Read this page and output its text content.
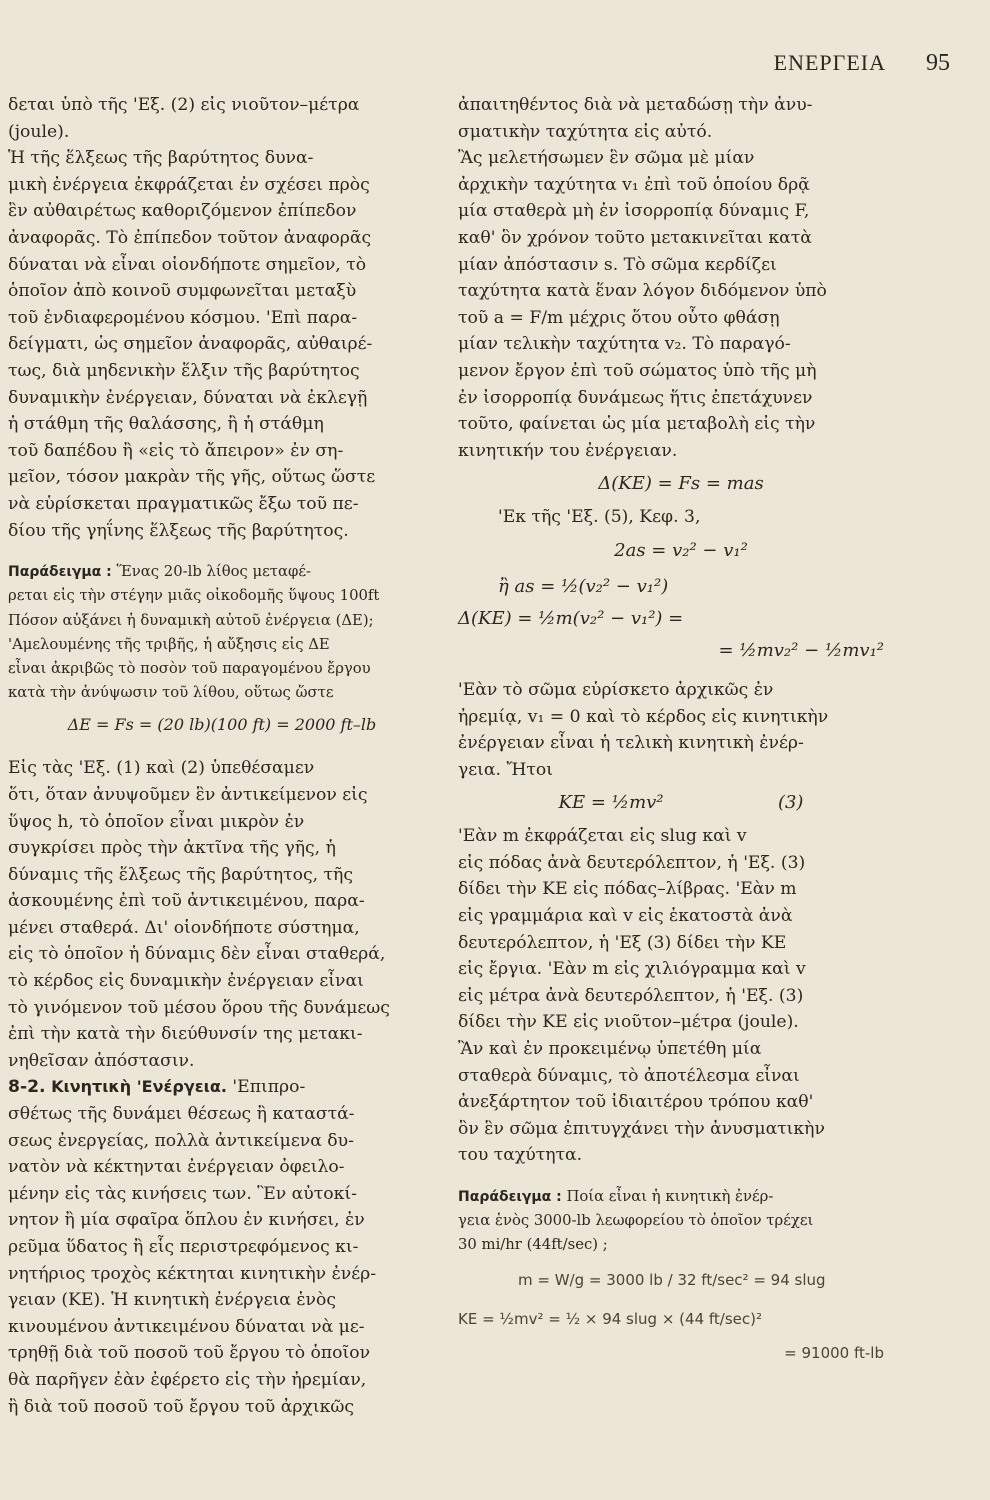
ΕΝΕΡΓΕΙΑ 95

δεται ὑπὸ τῆς 'Εξ. (2) εἰς νιοῦτον–μέτρα
(joule).

Ἡ τῆς ἕλξεως τῆς βαρύτητος δυνα-
μικὴ ἐνέργεια ἐκφράζεται ἐν σχέσει πρὸς
ἓν αὐθαιρέτως καθοριζόμενον ἐπίπεδον
ἀναφορᾶς. Τὸ ἐπίπεδον τοῦτον ἀναφορᾶς
δύναται νὰ εἶναι οἱονδήποτε σημεῖον, τὸ
ὁποῖον ἀπὸ κοινοῦ συμφωνεῖται μεταξὺ
τοῦ ἐνδιαφερομένου κόσμου. 'Επὶ παρα-
δείγματι, ὡς σημεῖον ἀναφορᾶς, αὐθαιρέ-
τως, διὰ μηδενικὴν ἕλξιν τῆς βαρύτητος
δυναμικὴν ἐνέργειαν, δύναται νὰ ἐκλεγῇ
ἡ στάθμη τῆς θαλάσσης, ἢ ἡ στάθμη
τοῦ δαπέδου ἢ «εἰς τὸ ἄπειρον» ἐν ση-
μεῖον, τόσον μακρὰν τῆς γῆς, οὕτως ὥστε
νὰ εὑρίσκεται πραγματικῶς ἔξω τοῦ πε-
δίου τῆς γηΐνης ἕλξεως τῆς βαρύτητος.

Παράδειγμα : Ἕνας 20-lb λίθος μεταφέ-
ρεται εἰς τὴν στέγην μιᾶς οἰκοδομῆς ὕψους 100ft
Πόσον αὐξάνει ἡ δυναμικὴ αὐτοῦ ἐνέργεια (ΔΕ);
'Αμελουμένης τῆς τριβῆς, ἡ αὔξησις εἰς ΔΕ
εἶναι ἀκριβῶς τὸ ποσὸν τοῦ παραγομένου ἔργου
κατὰ τὴν ἀνύψωσιν τοῦ λίθου, οὕτως ὥστε
ΔΕ = Fs = (20 lb)(100 ft) = 2000 ft–lb

Εἰς τὰς 'Εξ. (1) καὶ (2) ὑπεθέσαμεν
ὅτι, ὅταν ἀνυψοῦμεν ἓν ἀντικείμενον εἰς
ὕψος h, τὸ ὁποῖον εἶναι μικρὸν ἐν
συγκρίσει πρὸς τὴν ἀκτῖνα τῆς γῆς, ἡ
δύναμις τῆς ἕλξεως τῆς βαρύτητος, τῆς
ἀσκουμένης ἐπὶ τοῦ ἀντικειμένου, παρα-
μένει σταθερά. Δι' οἱονδήποτε σύστημα,
εἰς τὸ ὁποῖον ἡ δύναμις δὲν εἶναι σταθερά,
τὸ κέρδος εἰς δυναμικὴν ἐνέργειαν εἶναι
τὸ γινόμενον τοῦ μέσου ὅρου τῆς δυνάμεως
ἐπὶ τὴν κατὰ τὴν διεύθυνσίν της μετακι-
νηθεῖσαν ἀπόστασιν.

8-2. Κινητικὴ 'Ενέργεια. 'Επιπρο-
σθέτως τῆς δυνάμει θέσεως ἢ καταστά-
σεως ἐνεργείας, πολλὰ ἀντικείμενα δυ-
νατὸν νὰ κέκτηνται ἐνέργειαν ὀφειλο-
μένην εἰς τὰς κινήσεις των. Ἓν αὐτοκί-
νητον ἢ μία σφαῖρα ὅπλου ἐν κινήσει, ἐν
ρεῦμα ὕδατος ἢ εἷς περιστρεφόμενος κι-
νητήριος τροχὸς κέκτηται κινητικὴν ἐνέρ-
γειαν (ΚΕ). Ἡ κινητικὴ ἐνέργεια ἑνὸς
κινουμένου ἀντικειμένου δύναται νὰ με-
τρηθῇ διὰ τοῦ ποσοῦ τοῦ ἔργου τὸ ὁποῖον
θὰ παρῆγεν ἐὰν ἐφέρετο εἰς τὴν ἠρεμίαν,
ἢ διὰ τοῦ ποσοῦ τοῦ ἔργου τοῦ ἀρχικῶς

ἀπαιτηθέντος διὰ νὰ μεταδώσῃ τὴν ἀνυ-
σματικὴν ταχύτητα εἰς αὐτό.

Ἂς μελετήσωμεν ἓν σῶμα μὲ μίαν
ἀρχικὴν ταχύτητα v₁ ἐπὶ τοῦ ὁποίου δρᾷ
μία σταθερὰ μὴ ἐν ἰσορροπίᾳ δύναμις F,
καθ' ὃν χρόνον τοῦτο μετακινεῖται κατὰ
μίαν ἀπόστασιν s. Τὸ σῶμα κερδίζει
ταχύτητα κατὰ ἕναν λόγον διδόμενον ὑπὸ
τοῦ a = F/m μέχρις ὅτου οὗτο φθάσῃ
μίαν τελικὴν ταχύτητα v₂. Τὸ παραγό-
μενον ἔργον ἐπὶ τοῦ σώματος ὑπὸ τῆς μὴ
ἐν ἰσορροπίᾳ δυνάμεως ἥτις ἐπετάχυνεν
τοῦτο, φαίνεται ὡς μία μεταβολὴ εἰς τὴν
κινητικήν του ἐνέργειαν.

Δ(ΚΕ) = Fs = mas
'Εκ τῆς 'Εξ. (5), Κεφ. 3,
2as = v₂² − v₁²
ἢ as = ½(v₂² − v₁²)
Δ(ΚΕ) = ½m(v₂² − v₁²) =
= ½mv₂² − ½mv₁²

'Εὰν τὸ σῶμα εὑρίσκετο ἀρχικῶς ἐν
ἠρεμίᾳ, v₁ = 0 καὶ τὸ κέρδος εἰς κινητικὴν
ἐνέργειαν εἶναι ἡ τελικὴ κινητικὴ ἐνέρ-
γεια. Ἤτοι

ΚΕ = ½mv²                    (3)

'Εὰν m ἐκφράζεται εἰς slug καὶ v
εἰς πόδας ἀνὰ δευτερόλεπτον, ἡ 'Εξ. (3)
δίδει τὴν ΚΕ εἰς πόδας–λίβρας. 'Εὰν m
εἰς γραμμάρια καὶ v εἰς ἑκατοστὰ ἀνὰ
δευτερόλεπτον, ἡ 'Εξ (3) δίδει τὴν ΚΕ
εἰς ἔργια. 'Εὰν m εἰς χιλιόγραμμα καὶ v
εἰς μέτρα ἀνὰ δευτερόλεπτον, ἡ 'Εξ. (3)
δίδει τὴν ΚΕ εἰς νιοῦτον–μέτρα (joule).

Ἂν καὶ ἐν προκειμένῳ ὑπετέθη μία
σταθερὰ δύναμις, τὸ ἀποτέλεσμα εἶναι
ἀνεξάρτητον τοῦ ἰδιαιτέρου τρόπου καθ'
ὃν ἓν σῶμα ἐπιτυγχάνει τὴν ἀνυσματικὴν
του ταχύτητα.

Παράδειγμα : Ποία εἶναι ἡ κινητικὴ ἐνέρ-
γεια ἑνὸς 3000-lb λεωφορείου τὸ ὁποῖον τρέχει
30 mi/hr (44ft/sec) ;
m = W/g = 3000 lb / 32 ft/sec² = 94 slug
ΚΕ = ½mv² = ½ × 94 slug × (44 ft/sec)²
= 91000 ft-lb
